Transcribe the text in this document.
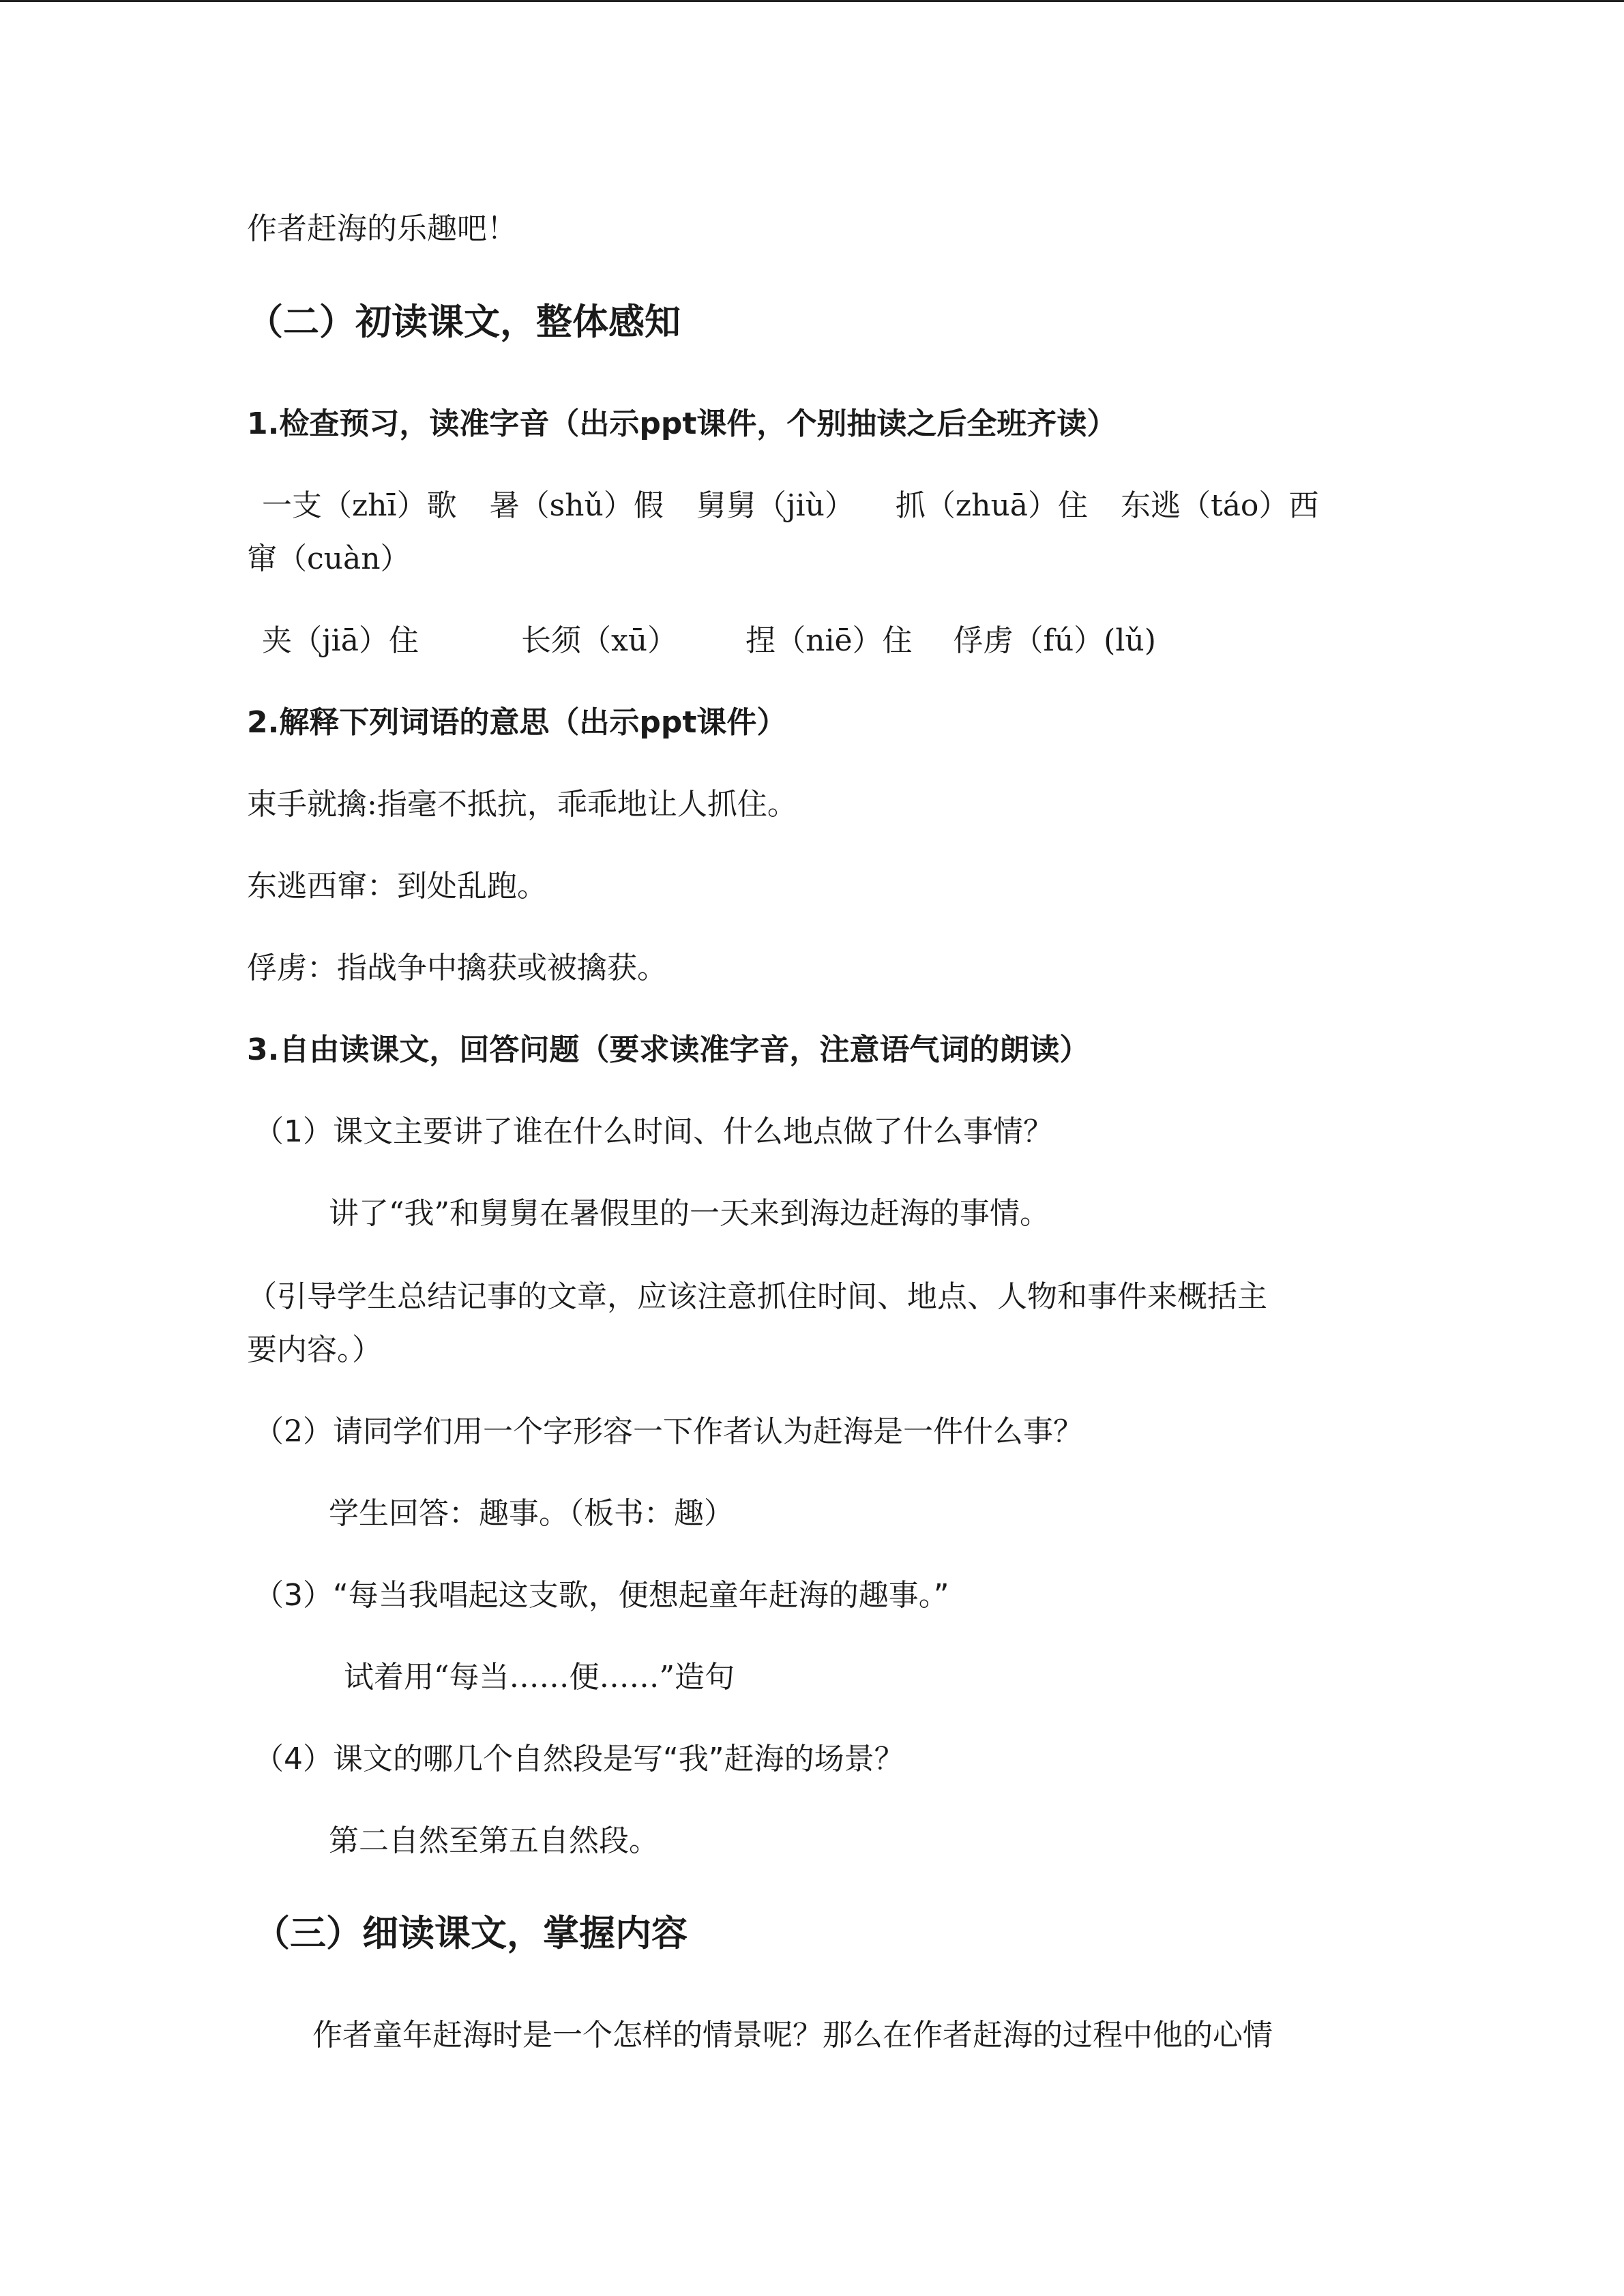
作者赶海的乐趣吧！

（二）初读课文，整体感知

1.检查预习，读准字音（出示ppt课件，个别抽读之后全班齐读）

一支（zhī）歌 暑（shǔ）假 舅舅（jiù） 抓（zhuā）住 东逃（táo）西

窜（cuàn）

夹（jiā）住	长须（xū） 捏（niē）住 俘虏（fú）(lǔ)

2.解释下列词语的意思（出示ppt课件）

束手就擒:指毫不抵抗，乖乖地让人抓住。

东逃西窜：到处乱跑。

俘虏：指战争中擒获或被擒获。

3.自由读课文，回答问题（要求读准字音，注意语气词的朗读）

（1）课文主要讲了谁在什么时间、什么地点做了什么事情？

讲了“我”和舅舅在暑假里的一天来到海边赶海的事情。

（引导学生总结记事的文章，应该注意抓住时间、地点、人物和事件来概括主

要内容。）

（2）请同学们用一个字形容一下作者认为赶海是一件什么事？

学生回答：趣事。（板书：趣）

（3）“每当我唱起这支歌，便想起童年赶海的趣事。”

试着用“每当……便……”造句

（4）课文的哪几个自然段是写“我”赶海的场景？

第二自然至第五自然段。

（三）细读课文，掌握内容

作者童年赶海时是一个怎样的情景呢？那么在作者赶海的过程中他的心情
